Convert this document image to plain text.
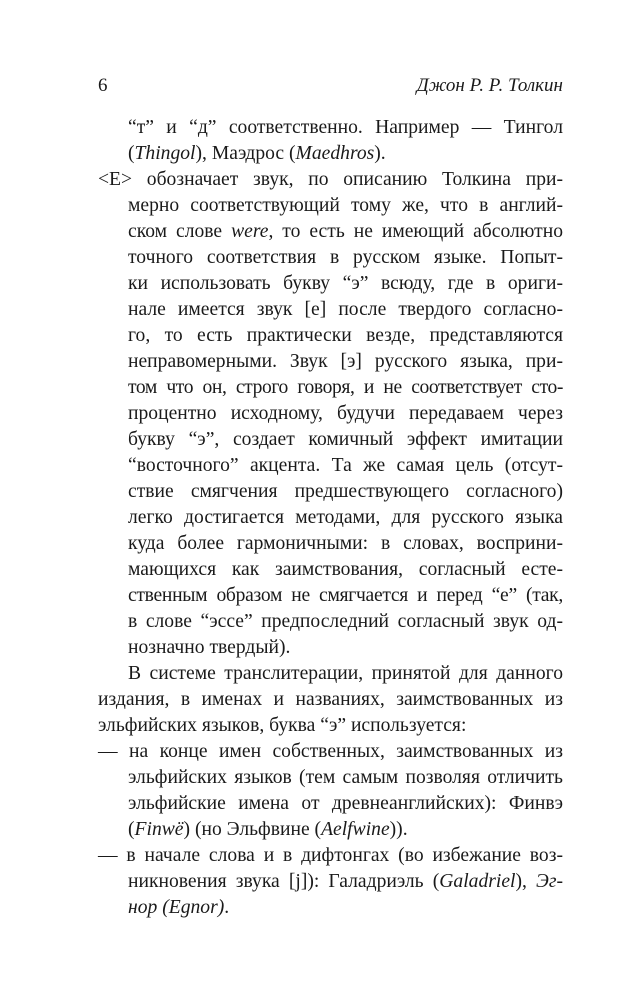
6	Джон Р. Р. Толкин
“т” и “д” соответственно. Например — Тингол
(Thingol), Маэдрос (Maedhros).
<Е> обозначает звук, по описанию Толкина при-
мерно соответствующий тому же, что в англий-
ском слове were, то есть не имеющий абсолютно
точного соответствия в русском языке. Попыт-
ки использовать букву “э” всюду, где в ориги-
нале имеется звук [e] после твердого согласно-
го, то есть практически везде, представляются
неправомерными. Звук [э] русского языка, при-
том что он, строго говоря, и не соответствует сто-
процентно исходному, будучи передаваем через
букву “э”, создает комичный эффект имитации
“восточного” акцента. Та же самая цель (отсут-
ствие смягчения предшествующего согласного)
легко достигается методами, для русского языка
куда более гармоничными: в словах, восприни-
мающихся как заимствования, согласный есте-
ственным образом не смягчается и перед “е” (так,
в слове “эссе” предпоследний согласный звук од-
нозначно твердый).
В системе транслитерации, принятой для данного
издания, в именах и названиях, заимствованных из
эльфийских языков, буква “э” используется:
— на конце имен собственных, заимствованных из
эльфийских языков (тем самым позволяя отличить
эльфийские имена от древнеанглийских): Финвэ
(Finwë) (но Эльфвине (Aelfwine)).
— в начале слова и в дифтонгах (во избежание воз-
никновения звука [j]): Галадриэль (Galadriel), Эг-
нор (Egnor).
